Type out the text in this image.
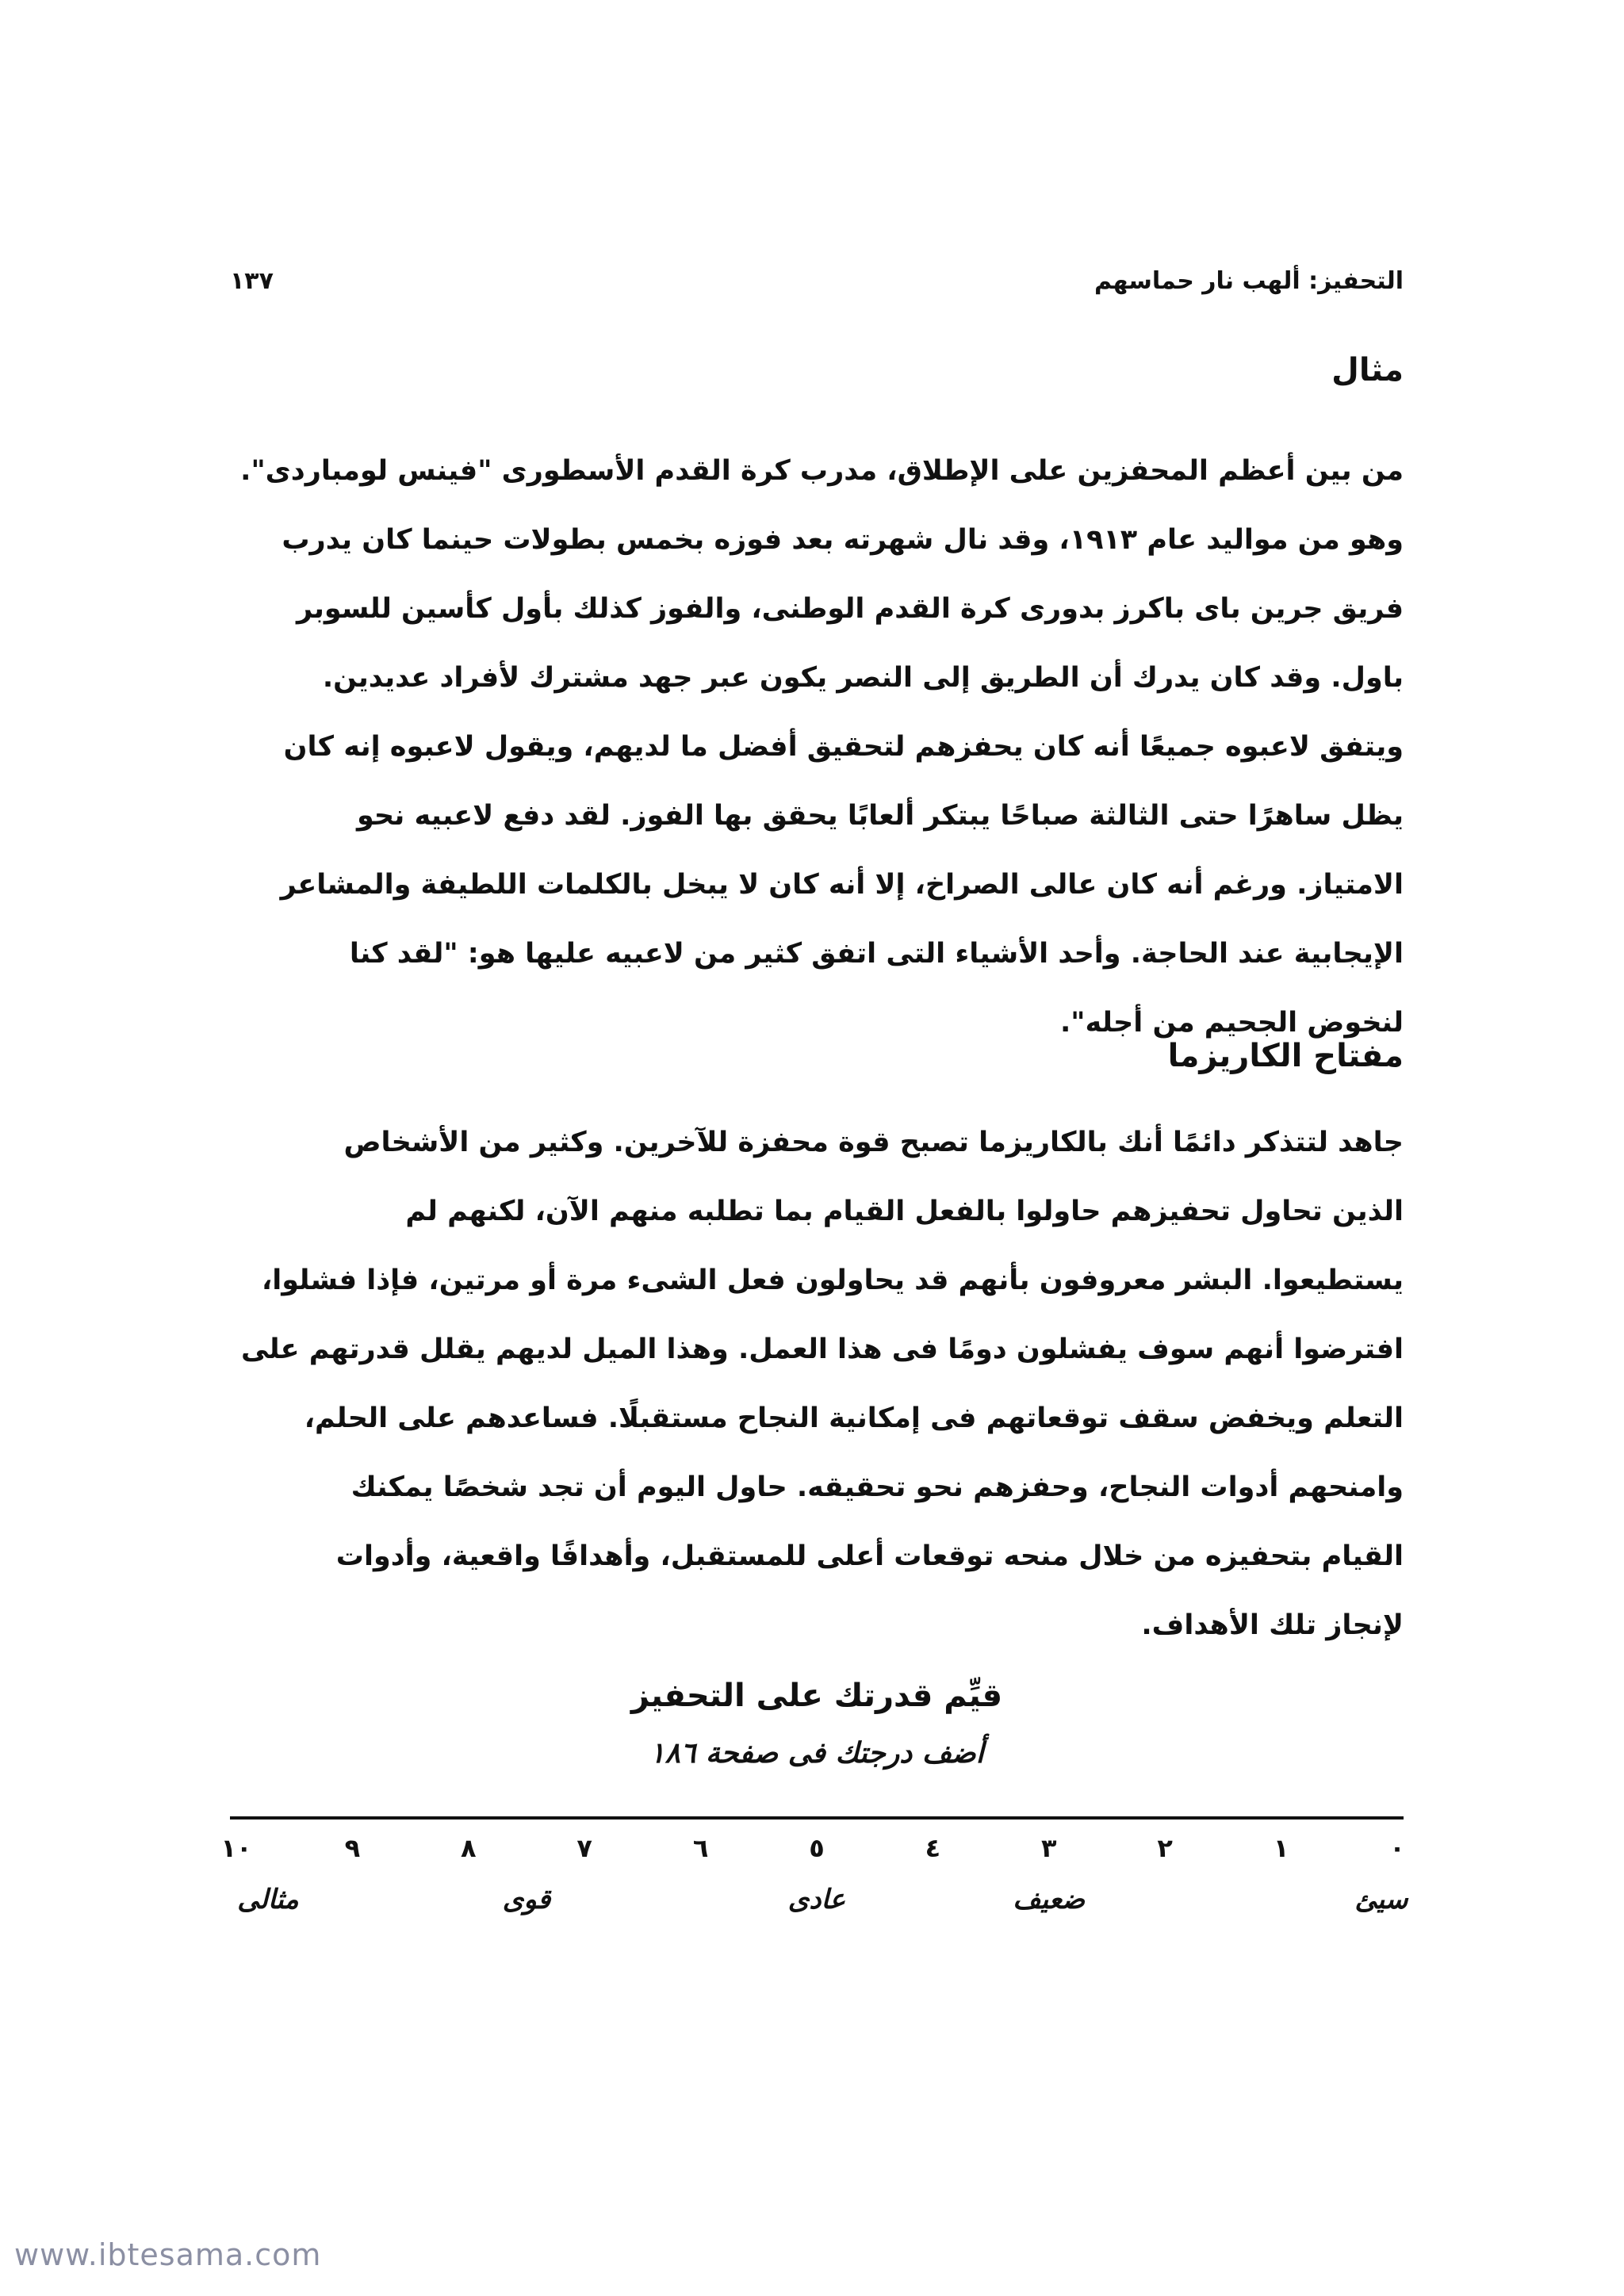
التحفيز: ألهب نار حماسهم
١٣٧
مثال

من بين أعظم المحفزين على الإطلاق، مدرب كرة القدم الأسطورى "فينس لومباردى".
وهو من مواليد عام ١٩١٣، وقد نال شهرته بعد فوزه بخمس بطولات حينما كان يدرب
فريق جرين باى باكرز بدورى كرة القدم الوطنى، والفوز كذلك بأول كأسين للسوبر
باول. وقد كان يدرك أن الطريق إلى النصر يكون عبر جهد مشترك لأفراد عديدين.
ويتفق لاعبوه جميعًا أنه كان يحفزهم لتحقيق أفضل ما لديهم، ويقول لاعبوه إنه كان
يظل ساهرًا حتى الثالثة صباحًا يبتكر ألعابًا يحقق بها الفوز. لقد دفع لاعبيه نحو
الامتياز. ورغم أنه كان عالى الصراخ، إلا أنه كان لا يبخل بالكلمات اللطيفة والمشاعر
الإيجابية عند الحاجة. وأحد الأشياء التى اتفق كثير من لاعبيه عليها هو: "لقد كنا
لنخوض الجحيم من أجله".

مفتاح الكاريزما

جاهد لتتذكر دائمًا أنك بالكاريزما تصبح قوة محفزة للآخرين. وكثير من الأشخاص
الذين تحاول تحفيزهم حاولوا بالفعل القيام بما تطلبه منهم الآن، لكنهم لم
يستطيعوا. البشر معروفون بأنهم قد يحاولون فعل الشىء مرة أو مرتين، فإذا فشلوا،
افترضوا أنهم سوف يفشلون دومًا فى هذا العمل. وهذا الميل لديهم يقلل قدرتهم على
التعلم ويخفض سقف توقعاتهم فى إمكانية النجاح مستقبلًا. فساعدهم على الحلم،
وامنحهم أدوات النجاح، وحفزهم نحو تحقيقه. حاول اليوم أن تجد شخصًا يمكنك
القيام بتحفيزه من خلال منحه توقعات أعلى للمستقبل، وأهدافًا واقعية، وأدوات
لإنجاز تلك الأهداف.

قيِّم قدرتك على التحفيز
أضف درجتك فى صفحة ١٨٦
٠
١
٢
٣
٤
٥
٦
٧
٨
٩
١٠
سيئ
ضعيف
عادى
قوى
مثالى
www.ibtesama.com
